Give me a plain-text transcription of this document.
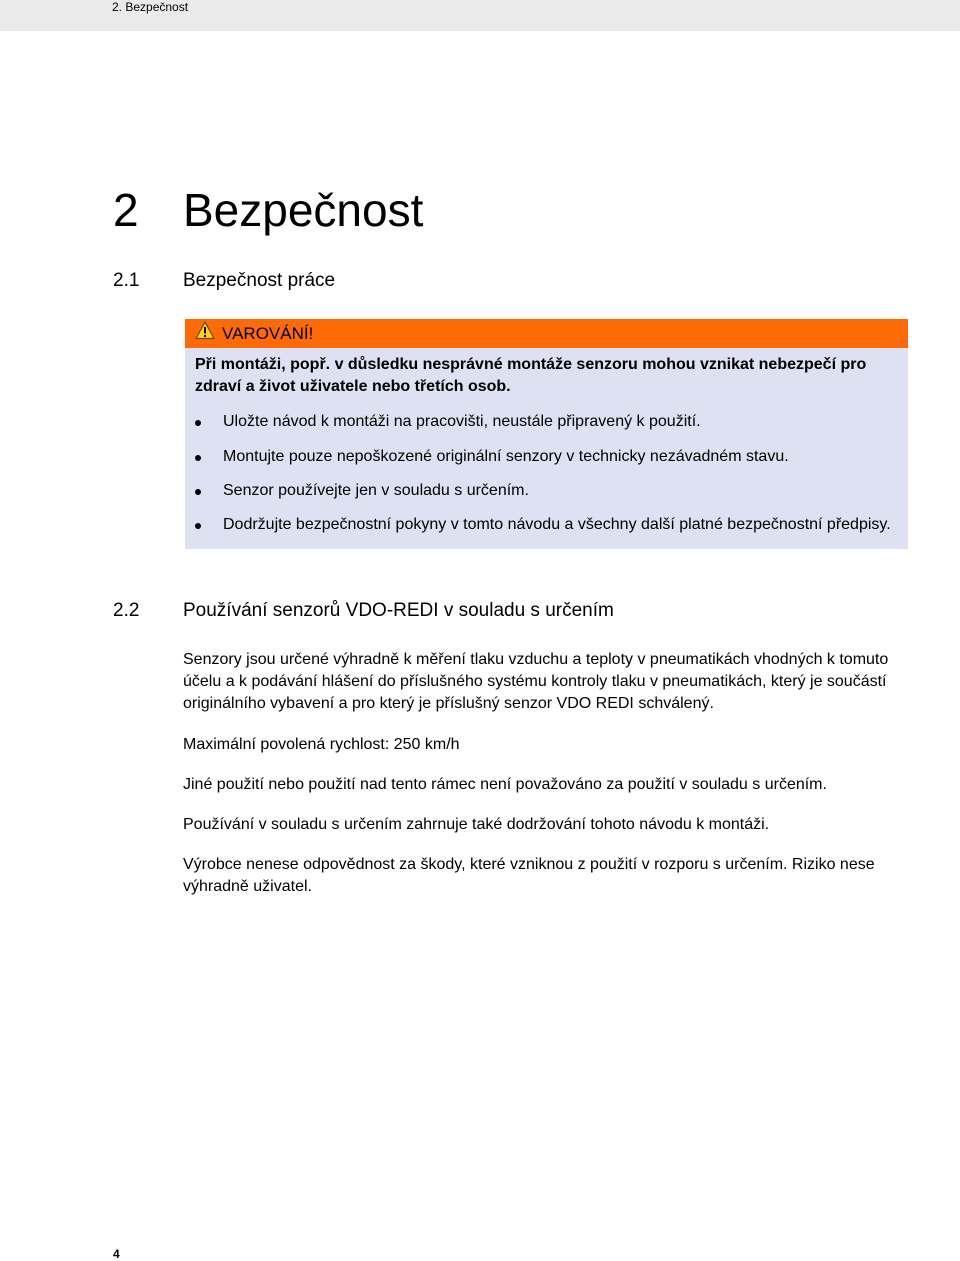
2. Bezpečnost
2 Bezpečnost
2.1 Bezpečnost práce
VAROVÁNÍ!
Při montáži, popř. v důsledku nesprávné montáže senzoru mohou vznikat nebezpečí pro zdraví a život uživatele nebo třetích osob.
Uložte návod k montáži na pracovišti, neustále připravený k použití.
Montujte pouze nepoškozené originální senzory v technicky nezávadném stavu.
Senzor používejte jen v souladu s určením.
Dodržujte bezpečnostní pokyny v tomto návodu a všechny další platné bezpečnostní předpisy.
2.2 Používání senzorů VDO-REDI v souladu s určením
Senzory jsou určené výhradně k měření tlaku vzduchu a teploty v pneumatikách vhodných k tomuto účelu a k podávání hlášení do příslušného systému kontroly tlaku v pneumatikách, který je součástí originálního vybavení a pro který je příslušný senzor VDO REDI schválený.
Maximální povolená rychlost: 250 km/h
Jiné použití nebo použití nad tento rámec není považováno za použití v souladu s určením.
Používání v souladu s určením zahrnuje také dodržování tohoto návodu k montáži.
Výrobce nenese odpovědnost za škody, které vzniknou z použití v rozporu s určením. Riziko nese výhradně uživatel.
4
